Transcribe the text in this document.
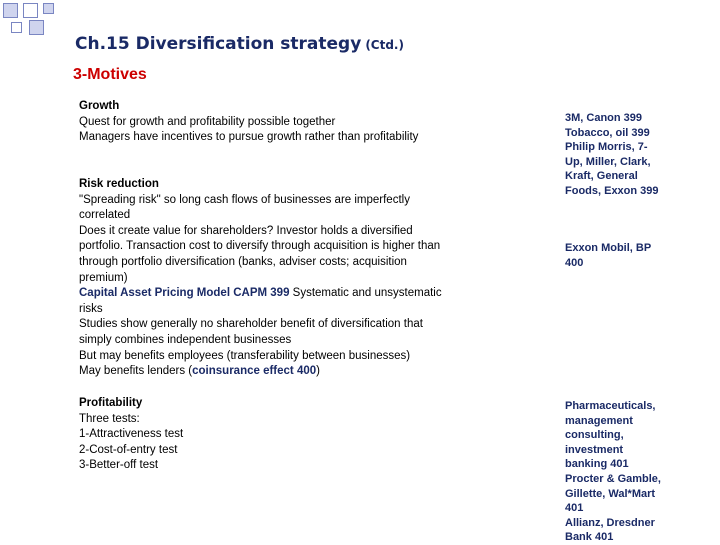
Ch.15 Diversification strategy (Ctd.)
3-Motives
Growth
Quest for growth and profitability possible together
Managers have incentives to pursue growth rather than profitability
Risk reduction
"Spreading risk" so long cash flows of businesses are imperfectly
correlated
Does it create value for shareholders? Investor holds a diversified
portfolio. Transaction cost to diversify through acquisition is higher than
through portfolio diversification (banks, adviser costs; acquisition
premium)
Capital Asset Pricing Model CAPM 399 Systematic and unsystematic
risks
Studies show generally no shareholder benefit of diversification that
simply combines independent businesses
But may benefits employees (transferability between businesses)
May benefits lenders (coinsurance effect 400)
Profitability
Three tests:
1-Attractiveness test
2-Cost-of-entry test
3-Better-off test
3M, Canon 399
Tobacco, oil 399
Philip Morris, 7-
Up, Miller, Clark,
Kraft, General
Foods, Exxon 399
Exxon Mobil, BP
400
Pharmaceuticals,
management
consulting,
investment
banking 401
Procter & Gamble,
Gillette, Wal*Mart
401
Allianz, Dresdner
Bank 401
